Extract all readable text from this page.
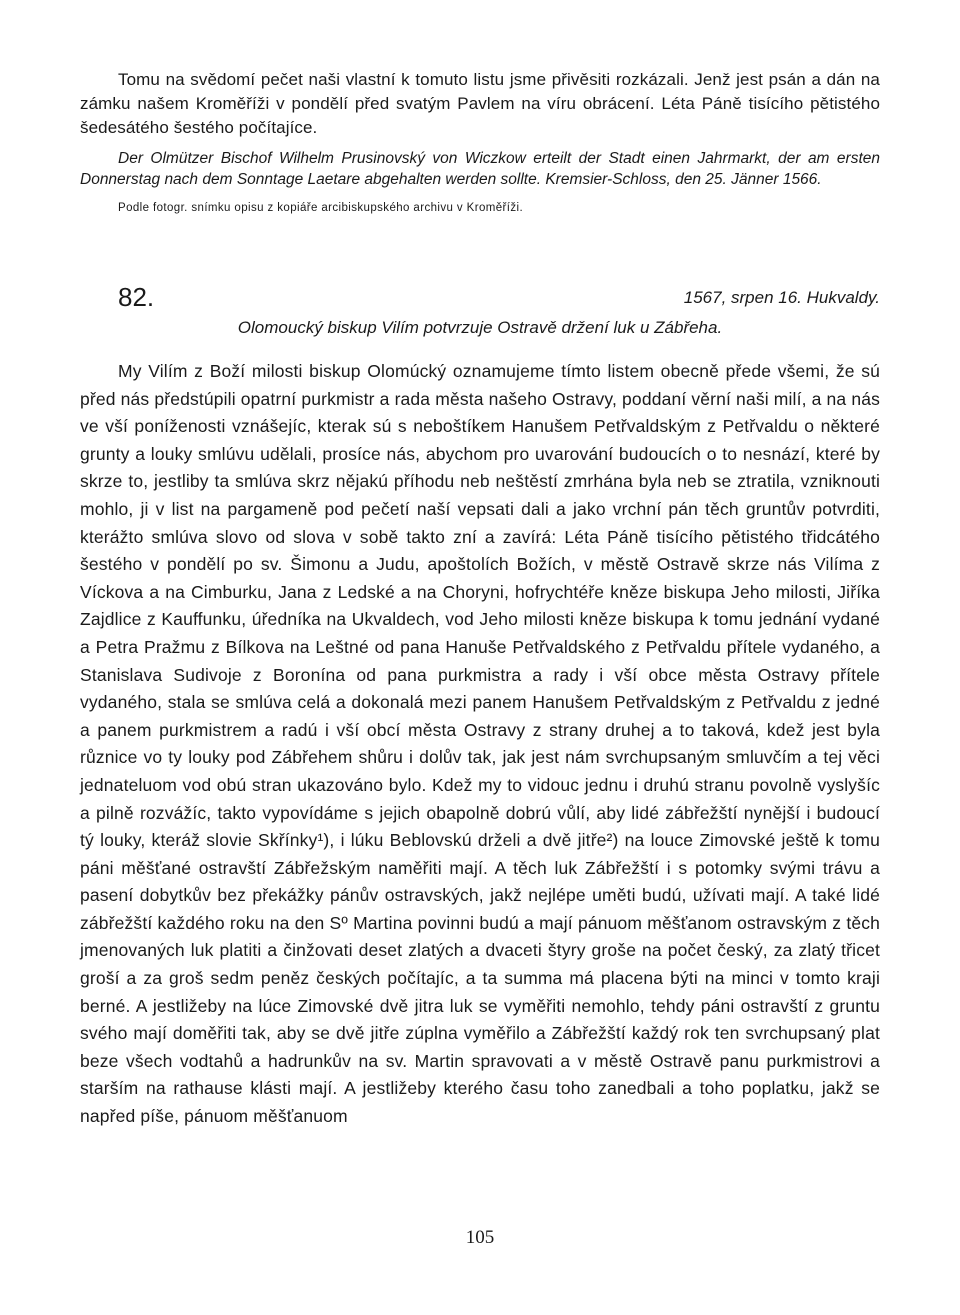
Tomu na svědomí pečet naši vlastní k tomuto listu jsme přivěsiti rozkázali. Jenž jest psán a dán na zámku našem Kroměříži v pondělí před svatým Pavlem na víru obrácení. Léta Páně tisícího pětistého šedesátého šestého počítajíce.

Der Olmützer Bischof Wilhelm Prusinovský von Wiczkow erteilt der Stadt einen Jahrmarkt, der am ersten Donnerstag nach dem Sonntage Laetare abgehalten werden sollte. Kremsier-Schloss, den 25. Jänner 1566.

Podle fotogr. snímku opisu z kopiáře arcibiskupského archivu v Kroměříži.

82.	1567, srpen 16. Hukvaldy.

Olomoucký biskup Vilím potvrzuje Ostravě držení luk u Zábřeha.

My Vilím z Boží milosti biskup Olomúcký oznamujeme tímto listem obecně přede všemi, že sú před nás předstúpili opatrní purkmistr a rada města našeho Ostravy, poddaní věrní naši milí, a na nás ve vší poníženosti vznášejíc, kterak sú s neboštíkem Hanušem Petřvaldským z Petřvaldu o některé grunty a louky smlúvu udělali, prosíce nás, abychom pro uvarování budoucích o to nesnází, které by skrze to, jestliby ta smlúva skrz nějakú příhodu neb neštěstí zmrhána byla neb se ztratila, vzniknouti mohlo, ji v list na pargameně pod pečetí naší vepsati dali a jako vrchní pán těch gruntův potvrditi, kterážto smlúva slovo od slova v sobě takto zní a zavírá: Léta Páně tisícího pětistého třidcátého šestého v pondělí po sv. Šimonu a Judu, apoštolích Božích, v městě Ostravě skrze nás Vilíma z Víckova a na Cimburku, Jana z Ledské a na Choryni, hofrychtéře kněze biskupa Jeho milosti, Jiříka Zajdlice z Kauffunku, úředníka na Ukvaldech, vod Jeho milosti kněze biskupa k tomu jednání vydané a Petra Pražmu z Bílkova na Leštné od pana Hanuše Petřvaldského z Petřvaldu přítele vydaného, a Stanislava Sudivoje z Boronína od pana purkmistra a rady i vší obce města Ostravy přítele vydaného, stala se smlúva celá a dokonalá mezi panem Hanušem Petřvaldským z Petřvaldu z jedné a panem purkmistrem a radú i vší obcí města Ostravy z strany druhej a to taková, kdež jest byla různice vo ty louky pod Zábřehem shůru i dolův tak, jak jest nám svrchupsaným smluvčím a tej věci jednateluom vod obú stran ukazováno bylo. Kdež my to vidouc jednu i druhú stranu povolně vyslyšíc a pilně rozvážíc, takto vypovídáme s jejich obapolně dobrú vůlí, aby lidé zábřežští nynější i budoucí tý louky, kteráž slovie Skřínky¹), i lúku Beblovskú drželi a dvě jitře²) na louce Zimovské ještě k tomu páni měšťané ostravští Zábřežským naměřiti mají. A těch luk Zábřežští i s potomky svými trávu a pasení dobytkův bez překážky pánův ostravských, jakž nejlépe uměti budú, užívati mají. A také lidé zábřežští každého roku na den Sº Martina povinni budú a mají pánuom měšťanom ostravským z těch jmenovaných luk platiti a činžovati deset zlatých a dvaceti štyry groše na počet český, za zlatý třicet groší a za groš sedm peněz českých počítajíc, a ta summa má placena býti na minci v tomto kraji berné. A jestližeby na lúce Zimovské dvě jitra luk se vyměřiti nemohlo, tehdy páni ostravští z gruntu svého mají doměřiti tak, aby se dvě jitře zúplna vyměřilo a Zábřežští každý rok ten svrchupsaný plat beze všech vodtahů a hadrunkův na sv. Martin spravovati a v městě Ostravě panu purkmistrovi a starším na rathause klásti mají. A jestližeby kterého času toho zanedbali a toho poplatku, jakž se napřed píše, pánuom měšťanuom

105
